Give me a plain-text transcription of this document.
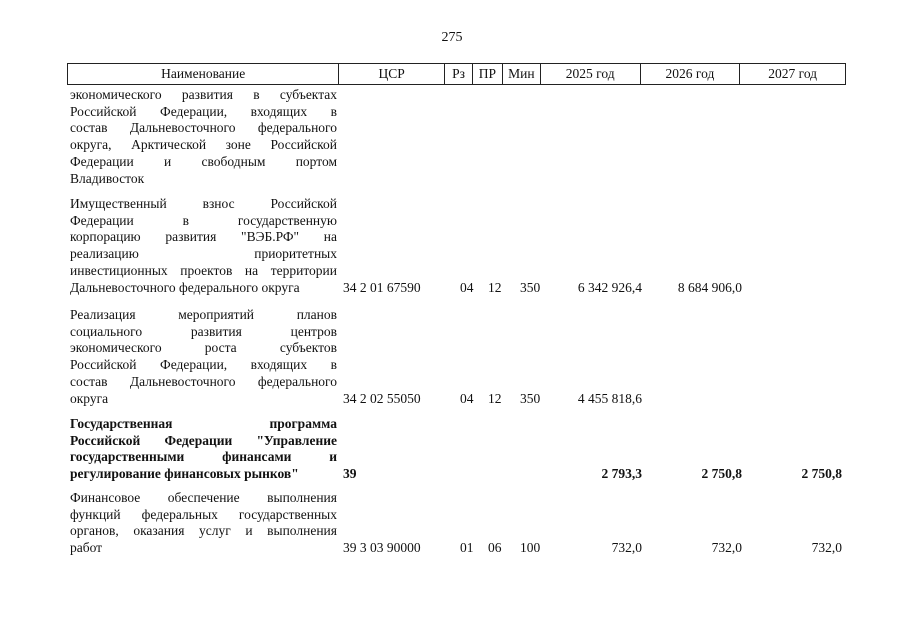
275
Наименование	ЦСР	Рз	ПР Мин	2025 год	2026 год	2027 год
экономического развития в субъектах
Российской Федерации, входящих в
состав Дальневосточного федерального
округа, Арктической зоне Российской
Федерации и свободным портом
Владивосток
Имущественный взнос Российской
Федерации в государственную
корпорацию развития "ВЭБ.РФ" на
реализацию приоритетных
инвестиционных проектов на территории
Дальневосточного федерального округа	34 2 01 67590	04 12 350	6 342 926,4	8 684 906,0
Реализация мероприятий планов
социального развития центров
экономического роста субъектов
Российской Федерации, входящих в
состав Дальневосточного федерального
округа	34 2 02 55050	04 12 350	4 455 818,6
Государственная программа
Российской Федерации "Управление
государственными финансами и
регулирование финансовых рынков"	39	2 793,3	2 750,8	2 750,8
Финансовое обеспечение выполнения
функций федеральных государственных
органов, оказания услуг и выполнения
работ	39 3 03 90000	01 06 100	732,0	732,0	732,0
